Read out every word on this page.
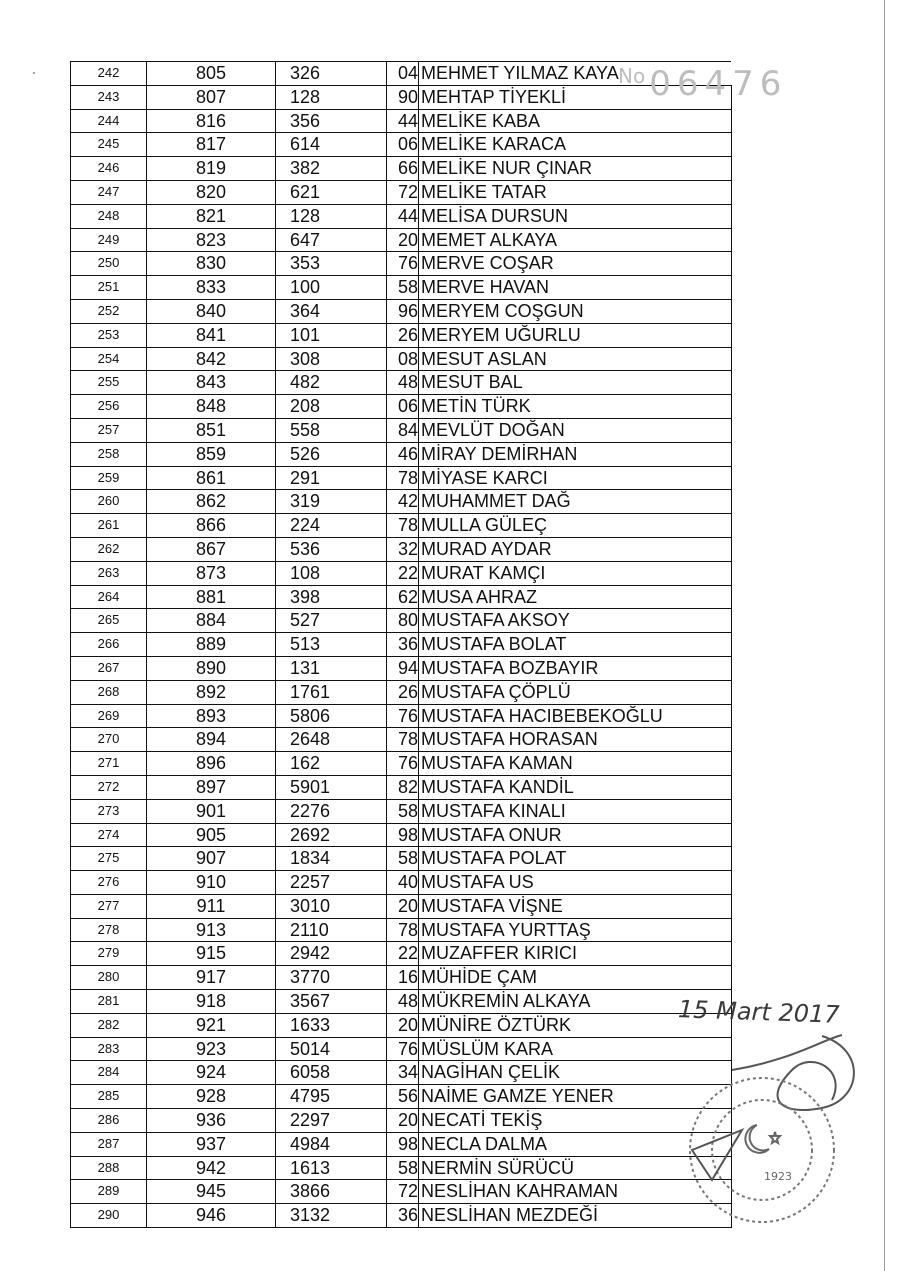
242	805	326		04 MEHMET YILMAZ KAYA
243	807	128		90 MEHTAP TİYEKLİ
244	816	356		44 MELİKE KABA
245	817	614		06 MELİKE KARACA
246	819	382		66 MELİKE NUR ÇINAR
247	820	621		72 MELİKE TATAR
248	821	128		44 MELİSA DURSUN
249	823	647		20 MEMET ALKAYA
250	830	353		76 MERVE COŞAR
251	833	100		58 MERVE HAVAN
252	840	364		96 MERYEM COŞGUN
253	841	101		26 MERYEM UĞURLU
254	842	308		08 MESUT ASLAN
255	843	482		48 MESUT BAL
256	848	208		06 METİN TÜRK
257	851	558		84 MEVLÜT DOĞAN
258	859	526		46 MİRAY DEMİRHAN
259	861	291		78 MİYASE KARCI
260	862	319		42 MUHAMMET DAĞ
261	866	224		78 MULLA GÜLEÇ
262	867	536		32 MURAD AYDAR
263	873	108		22 MURAT KAMÇI
264	881	398		62 MUSA AHRAZ
265	884	527		80 MUSTAFA AKSOY
266	889	513		36 MUSTAFA BOLAT
267	890	131		94 MUSTAFA BOZBAYIR
268	892	1761		26 MUSTAFA ÇÖPLÜ
269	893	5806		76 MUSTAFA HACIBEBEKOĞLU
270	894	2648		78 MUSTAFA HORASAN
271	896	162		76 MUSTAFA KAMAN
272	897	5901		82 MUSTAFA KANDİL
273	901	2276		58 MUSTAFA KINALI
274	905	2692		98 MUSTAFA ONUR
275	907	1834		58 MUSTAFA POLAT
276	910	2257		40 MUSTAFA US
277	911	3010		20 MUSTAFA VİŞNE
278	913	2110		78 MUSTAFA YURTTAŞ
279	915	2942		22 MUZAFFER KIRICI
280	917	3770		16 MÜHİDE ÇAM
281	918	3567		48 MÜKREMİN ALKAYA
282	921	1633		20 MÜNİRE ÖZTÜRK
283	923	5014		76 MÜSLÜM KARA
284	924	6058		34 NAGİHAN ÇELİK
285	928	4795		56 NAİME GAMZE YENER
286	936	2297		20 NECATİ TEKİŞ
287	937	4984		98 NECLA DALMA
288	942	1613		58 NERMİN SÜRÜCÜ
289	945	3866		72 NESLİHAN KAHRAMAN
290	946	3132		36 NESLİHAN MEZDEĞİ
$^{No}$ 06476
15 Mart 2017
1923
